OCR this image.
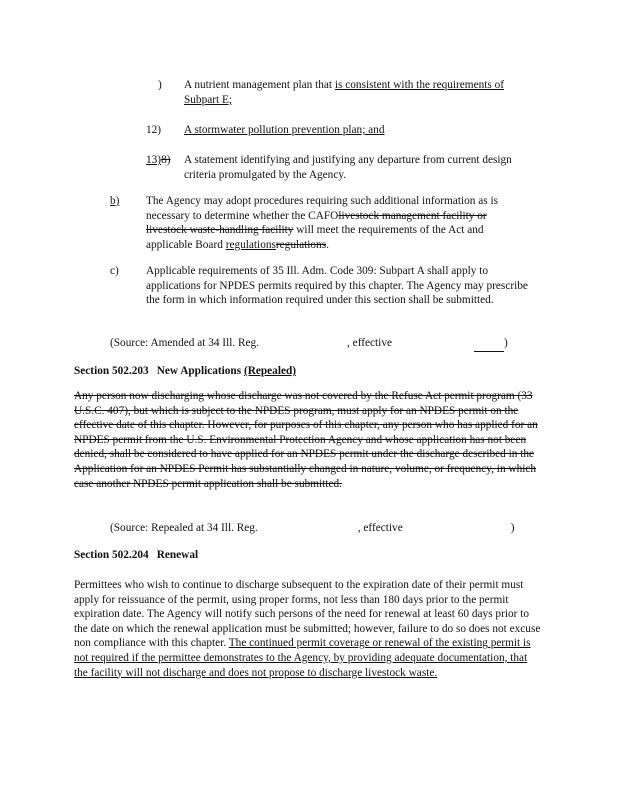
)	A nutrient management plan that is consistent with the requirements of Subpart E;
12)	A stormwater pollution prevention plan; and
13)8)	A statement identifying and justifying any departure from current design criteria promulgated by the Agency.
b)	The Agency may adopt procedures requiring such additional information as is necessary to determine whether the CAFOlivestock management facility or livestock waste-handling facility will meet the requirements of the Act and applicable Board regulationsregulations.
c)	Applicable requirements of 35 Ill. Adm. Code 309: Subpart A shall apply to applications for NPDES permits required by this chapter. The Agency may prescribe the form in which information required under this section shall be submitted.
(Source: Amended at 34 Ill. Reg.	, effective	)
Section 502.203 New Applications (Repealed)
Any person now discharging whose discharge was not covered by the Refuse Act permit program (33 U.S.C. 407), but which is subject to the NPDES program, must apply for an NPDES permit on the effective date of this chapter. However, for purposes of this chapter, any person who has applied for an NPDES permit from the U.S. Environmental Protection Agency and whose application has not been denied, shall be considered to have applied for an NPDES permit under the discharge described in the Application for an NPDES Permit has substantially changed in nature, volume, or frequency, in which case another NPDES permit application shall be submitted.
(Source: Repealed at 34 Ill. Reg.	, effective	)
Section 502.204 Renewal
Permittees who wish to continue to discharge subsequent to the expiration date of their permit must apply for reissuance of the permit, using proper forms, not less than 180 days prior to the permit expiration date. The Agency will notify such persons of the need for renewal at least 60 days prior to the date on which the renewal application must be submitted; however, failure to do so does not excuse non compliance with this chapter. The continued permit coverage or renewal of the existing permit is not required if the permittee demonstrates to the Agency, by providing adequate documentation, that the facility will not discharge and does not propose to discharge livestock waste.
